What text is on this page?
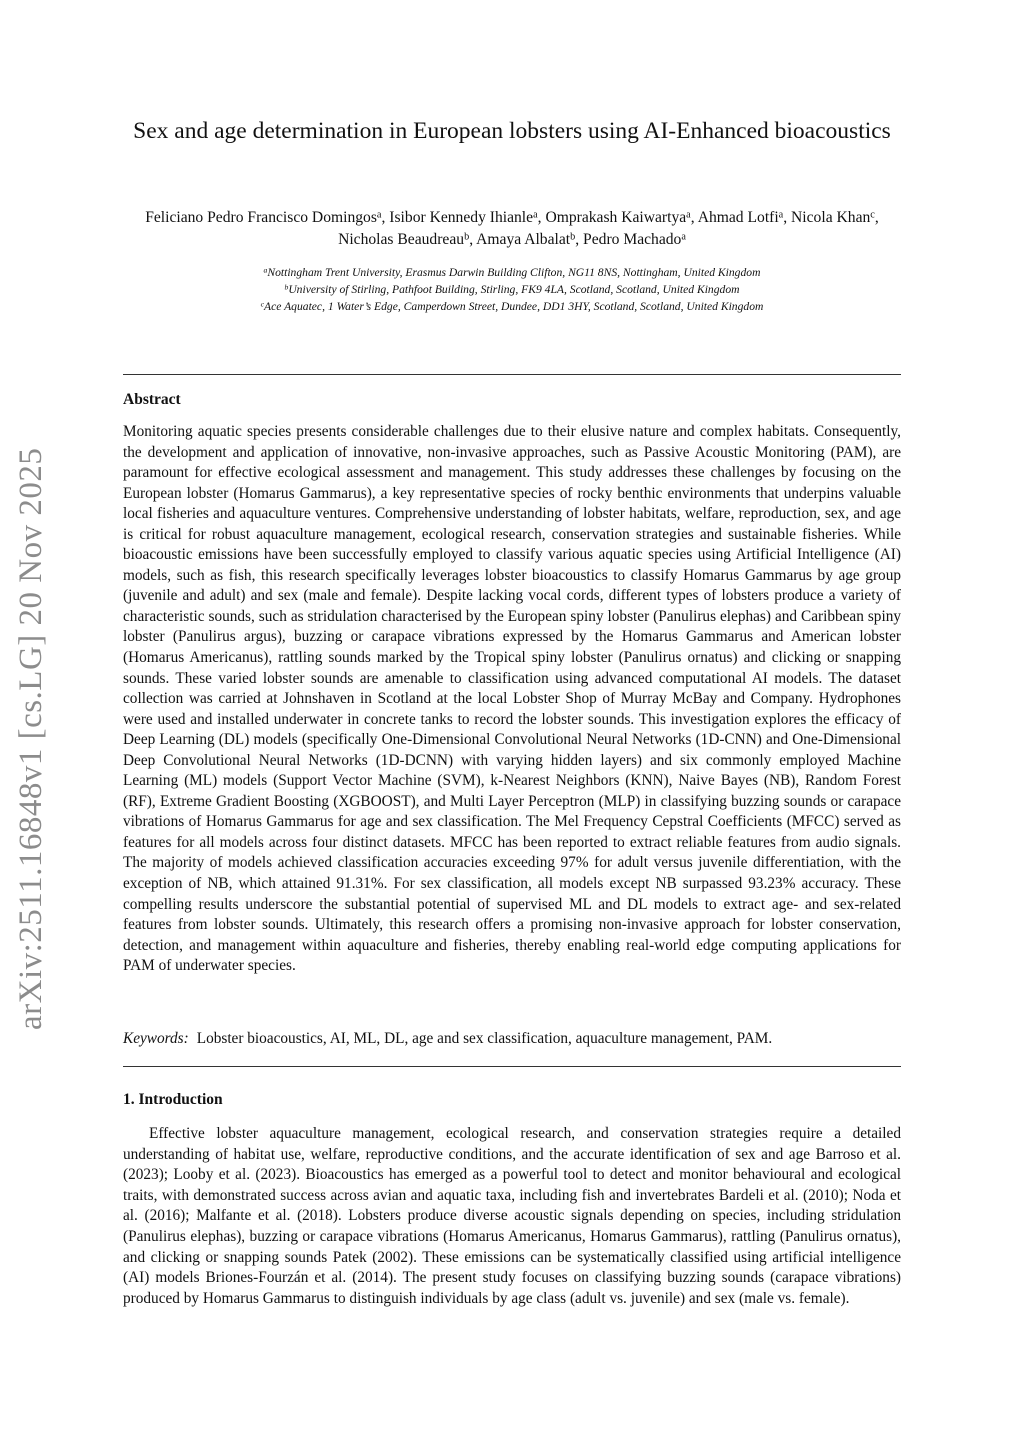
arXiv:2511.16848v1 [cs.LG] 20 Nov 2025
Sex and age determination in European lobsters using AI-Enhanced bioacoustics
Feliciano Pedro Francisco Domingos$^a$, Isibor Kennedy Ihianle$^a$, Omprakash Kaiwartya$^a$, Ahmad Lotfi$^a$, Nicola Khan$^c$, Nicholas Beaudreau$^b$, Amaya Albalat$^b$, Pedro Machado$^a$
$^a$Nottingham Trent University, Erasmus Darwin Building Clifton, NG11 8NS, Nottingham, United Kingdom
$^b$University of Stirling, Pathfoot Building, Stirling, FK9 4LA, Scotland, Scotland, United Kingdom
$^c$Ace Aquatec, 1 Water’s Edge, Camperdown Street, Dundee, DD1 3HY, Scotland, Scotland, United Kingdom
Abstract
Monitoring aquatic species presents considerable challenges due to their elusive nature and complex habitats. Consequently, the development and application of innovative, non-invasive approaches, such as Passive Acoustic Monitoring (PAM), are paramount for effective ecological assessment and management. This study addresses these challenges by focusing on the European lobster (Homarus Gammarus), a key representative species of rocky benthic environments that underpins valuable local fisheries and aquaculture ventures. Comprehensive understanding of lobster habitats, welfare, reproduction, sex, and age is critical for robust aquaculture management, ecological research, conservation strategies and sustainable fisheries. While bioacoustic emissions have been successfully employed to classify various aquatic species using Artificial Intelligence (AI) models, such as fish, this research specifically leverages lobster bioacoustics to classify Homarus Gammarus by age group (juvenile and adult) and sex (male and female). Despite lacking vocal cords, different types of lobsters produce a variety of characteristic sounds, such as stridulation characterised by the European spiny lobster (Panulirus elephas) and Caribbean spiny lobster (Panulirus argus), buzzing or carapace vibrations expressed by the Homarus Gammarus and American lobster (Homarus Americanus), rattling sounds marked by the Tropical spiny lobster (Panulirus ornatus) and clicking or snapping sounds. These varied lobster sounds are amenable to classification using advanced computational AI models. The dataset collection was carried at Johnshaven in Scotland at the local Lobster Shop of Murray McBay and Company. Hydrophones were used and installed underwater in concrete tanks to record the lobster sounds. This investigation explores the efficacy of Deep Learning (DL) models (specifically One-Dimensional Convolutional Neural Networks (1D-CNN) and One-Dimensional Deep Convolutional Neural Networks (1D-DCNN) with varying hidden layers) and six commonly employed Machine Learning (ML) models (Support Vector Machine (SVM), k-Nearest Neighbors (KNN), Naive Bayes (NB), Random Forest (RF), Extreme Gradient Boosting (XGBOOST), and Multi Layer Perceptron (MLP) in classifying buzzing sounds or carapace vibrations of Homarus Gammarus for age and sex classification. The Mel Frequency Cepstral Coefficients (MFCC) served as features for all models across four distinct datasets. MFCC has been reported to extract reliable features from audio signals. The majority of models achieved classification accuracies exceeding 97% for adult versus juvenile differentiation, with the exception of NB, which attained 91.31%. For sex classification, all models except NB surpassed 93.23% accuracy. These compelling results underscore the substantial potential of supervised ML and DL models to extract age- and sex-related features from lobster sounds. Ultimately, this research offers a promising non-invasive approach for lobster conservation, detection, and management within aquaculture and fisheries, thereby enabling real-world edge computing applications for PAM of underwater species.
Keywords: Lobster bioacoustics, AI, ML, DL, age and sex classification, aquaculture management, PAM.
1. Introduction
Effective lobster aquaculture management, ecological research, and conservation strategies require a detailed understanding of habitat use, welfare, reproductive conditions, and the accurate identification of sex and age Barroso et al. (2023); Looby et al. (2023). Bioacoustics has emerged as a powerful tool to detect and monitor behavioural and ecological traits, with demonstrated success across avian and aquatic taxa, including fish and invertebrates Bardeli et al. (2010); Noda et al. (2016); Malfante et al. (2018). Lobsters produce diverse acoustic signals depending on species, including stridulation (Panulirus elephas), buzzing or carapace vibrations (Homarus Americanus, Homarus Gammarus), rattling (Panulirus ornatus), and clicking or snapping sounds Patek (2002). These emissions can be systematically classified using artificial intelligence (AI) models Briones-Fourzán et al. (2014). The present study focuses on classifying buzzing sounds (carapace vibrations) produced by Homarus Gammarus to distinguish individuals by age class (adult vs. juvenile) and sex (male vs. female).
